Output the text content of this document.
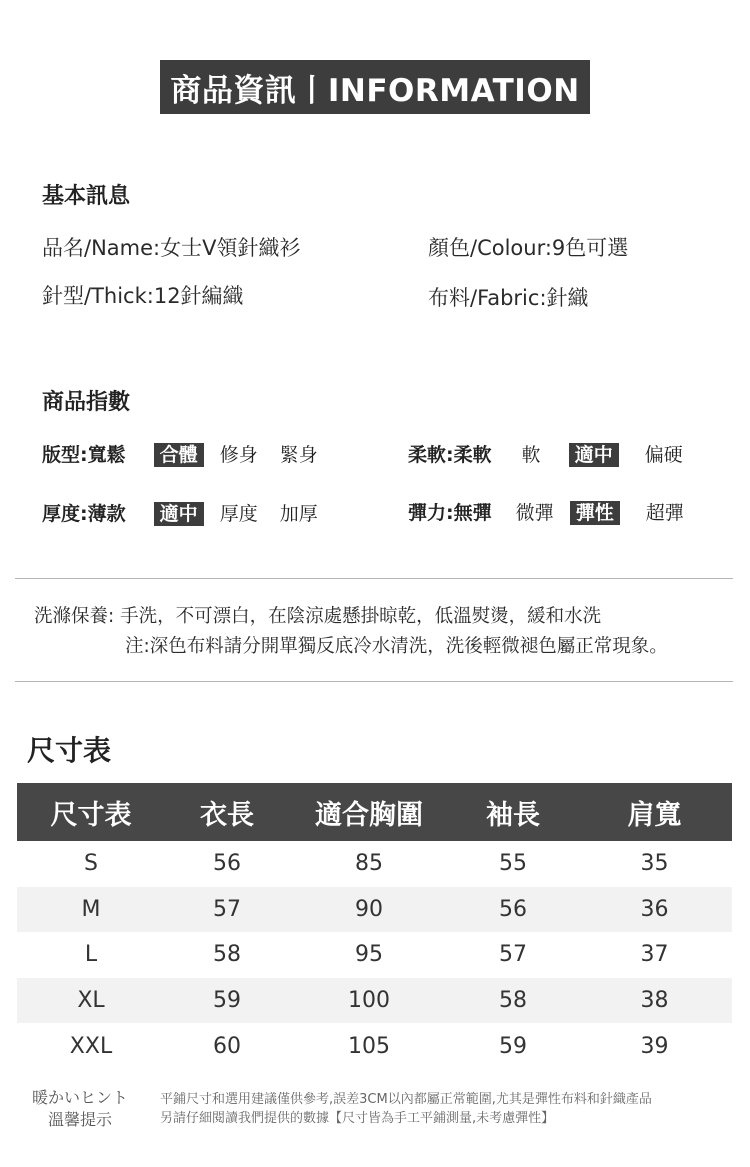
商品資訊丨INFORMATION
基本訊息
品名/Name:女士V領針織衫	顏色/Colour:9色可選
針型/Thick:12針編織	布料/Fabric:針織
商品指數
版型:寬鬆 合體 修身 緊身	柔軟:柔軟 軟 適中 偏硬
厚度:薄款 適中 厚度 加厚	彈力:無彈 微彈 彈性 超彈
洗滌保養: 手洗，不可漂白，在陰涼處懸掛晾乾，低溫熨燙，緩和水洗
注:深色布料請分開單獨反底冷水清洗，洗後輕微褪色屬正常現象。
尺寸表
尺寸表	衣長	適合胸圍	袖長	肩寬
S	56	85	55	35
M	57	90	56	36
L	58	95	57	37
XL	59	100	58	38
XXL	60	105	59	39
暖かいヒント
溫馨提示
平鋪尺寸和選用建議僅供參考,誤差3CM以內都屬正常範圍,尤其是彈性布料和針織產品
另請仔細閱讀我們提供的數據【尺寸皆為手工平鋪測量,未考慮彈性】
